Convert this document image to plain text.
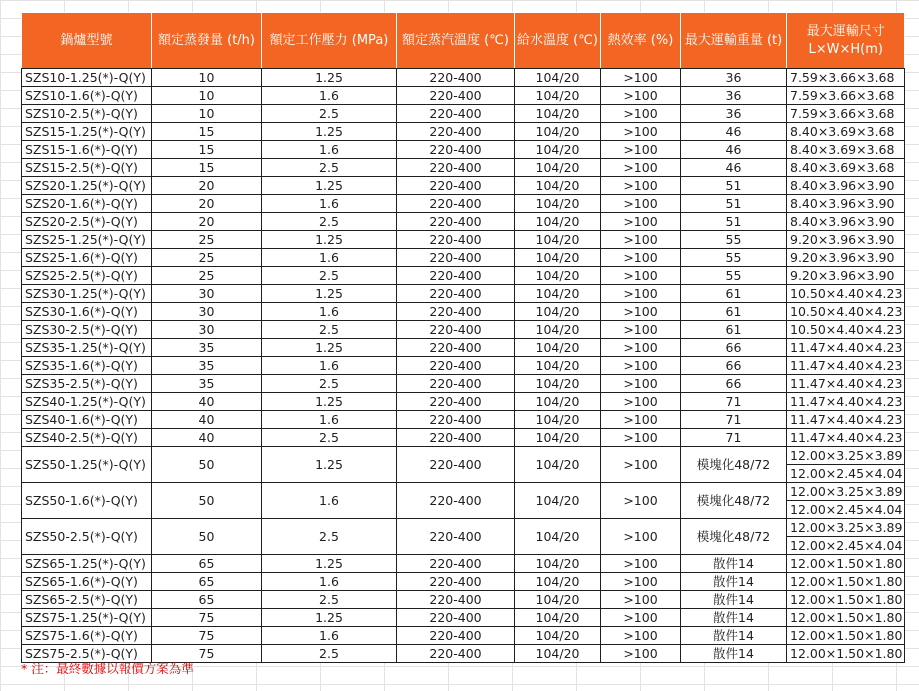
鍋爐型號	額定蒸發量 (t/h)	額定工作壓力 (MPa)	額定蒸汽溫度 (℃)	給水溫度 (℃)	熱效率 (%)	最大運輸重量 (t)	最大運輸尺寸
L×W×H(m)
SZS10-1.25(*)-Q(Y)	10	1.25	220-400	104/20	>100	36	7.59×3.66×3.68
SZS10-1.6(*)-Q(Y)	10	1.6	220-400	104/20	>100	36	7.59×3.66×3.68
SZS10-2.5(*)-Q(Y)	10	2.5	220-400	104/20	>100	36	7.59×3.66×3.68
SZS15-1.25(*)-Q(Y)	15	1.25	220-400	104/20	>100	46	8.40×3.69×3.68
SZS15-1.6(*)-Q(Y)	15	1.6	220-400	104/20	>100	46	8.40×3.69×3.68
SZS15-2.5(*)-Q(Y)	15	2.5	220-400	104/20	>100	46	8.40×3.69×3.68
SZS20-1.25(*)-Q(Y)	20	1.25	220-400	104/20	>100	51	8.40×3.96×3.90
SZS20-1.6(*)-Q(Y)	20	1.6	220-400	104/20	>100	51	8.40×3.96×3.90
SZS20-2.5(*)-Q(Y)	20	2.5	220-400	104/20	>100	51	8.40×3.96×3.90
SZS25-1.25(*)-Q(Y)	25	1.25	220-400	104/20	>100	55	9.20×3.96×3.90
SZS25-1.6(*)-Q(Y)	25	1.6	220-400	104/20	>100	55	9.20×3.96×3.90
SZS25-2.5(*)-Q(Y)	25	2.5	220-400	104/20	>100	55	9.20×3.96×3.90
SZS30-1.25(*)-Q(Y)	30	1.25	220-400	104/20	>100	61	10.50×4.40×4.23
SZS30-1.6(*)-Q(Y)	30	1.6	220-400	104/20	>100	61	10.50×4.40×4.23
SZS30-2.5(*)-Q(Y)	30	2.5	220-400	104/20	>100	61	10.50×4.40×4.23
SZS35-1.25(*)-Q(Y)	35	1.25	220-400	104/20	>100	66	11.47×4.40×4.23
SZS35-1.6(*)-Q(Y)	35	1.6	220-400	104/20	>100	66	11.47×4.40×4.23
SZS35-2.5(*)-Q(Y)	35	2.5	220-400	104/20	>100	66	11.47×4.40×4.23
SZS40-1.25(*)-Q(Y)	40	1.25	220-400	104/20	>100	71	11.47×4.40×4.23
SZS40-1.6(*)-Q(Y)	40	1.6	220-400	104/20	>100	71	11.47×4.40×4.23
SZS40-2.5(*)-Q(Y)	40	2.5	220-400	104/20	>100	71	11.47×4.40×4.23
SZS50-1.25(*)-Q(Y)	50	1.25	220-400	104/20	>100	模塊化48/72	12.00×3.25×3.89
							12.00×2.45×4.04
SZS50-1.6(*)-Q(Y)	50	1.6	220-400	104/20	>100	模塊化48/72	12.00×3.25×3.89
							12.00×2.45×4.04
SZS50-2.5(*)-Q(Y)	50	2.5	220-400	104/20	>100	模塊化48/72	12.00×3.25×3.89
							12.00×2.45×4.04
SZS65-1.25(*)-Q(Y)	65	1.25	220-400	104/20	>100	散件14	12.00×1.50×1.80
SZS65-1.6(*)-Q(Y)	65	1.6	220-400	104/20	>100	散件14	12.00×1.50×1.80
SZS65-2.5(*)-Q(Y)	65	2.5	220-400	104/20	>100	散件14	12.00×1.50×1.80
SZS75-1.25(*)-Q(Y)	75	1.25	220-400	104/20	>100	散件14	12.00×1.50×1.80
SZS75-1.6(*)-Q(Y)	75	1.6	220-400	104/20	>100	散件14	12.00×1.50×1.80
SZS75-2.5(*)-Q(Y)	75	2.5	220-400	104/20	>100	散件14	12.00×1.50×1.80
* 注：最終數據以報價方案為準
